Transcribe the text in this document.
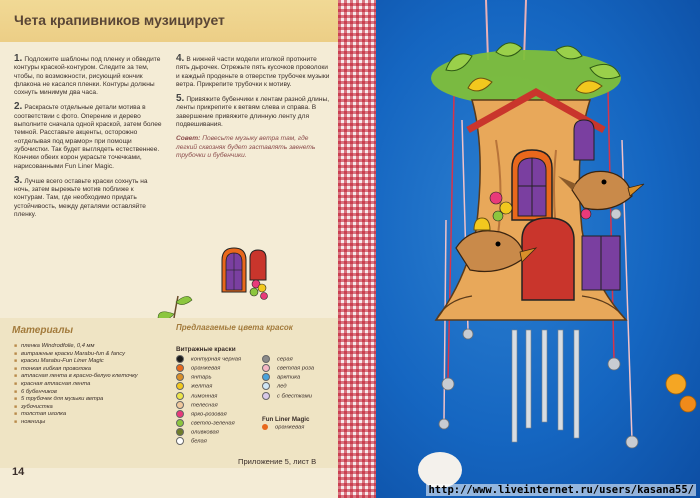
Чета крапивников музицирует

1. Подложите шаблоны под пленку и обведите контуры краской-контуром. Следите за тем, чтобы, по возможности, рисующий кончик флакона не касался пленки. Контуры должны сохнуть минимум два часа.

2. Раскрасьте отдельные детали мотива в соответствии с фото. Оперение и дерево выполните сначала одной краской, затем более темной. Расставьте акценты, осторожно «отделывая под мрамор» при помощи зубочистки. Так будет выглядеть естественнее. Кончики обеих корон украсьте точечками, нарисованными Fun Liner Magic.

3. Лучше всего оставьте краски сохнуть на ночь, затем вырежьте мотив поближе к контурам. Там, где необходимо придать устойчивость, между деталями оставляйте пленку.

4. В нижней части модели иголкой проткните пять дырочек. Отрежьте пять кусочков проволоки и каждый проденьте в отверстие трубочек музыки ветра. Прикрепите трубочки к мотиву.

5. Привяжите бубенчики к лентам разной длины, ленты прикрепите к ветвям слева и справа. В завершение привяжите длинную ленту для подвешивания.

Совет: Повесьте музыку ветра там, где легкий сквозняк будет заставлять звенеть трубочки и бубенчики.

Материалы
■ пленка Windrodfolie, 0,4 мм
■ витражные краски Marabu-fun & fancy
■ краски Marabu-Fun Liner Magic
■ тонкая гибкая проволока
■ атласная лента в красно-белую клеточку
■ красная атласная лента
■ 6 бубенчиков
■ 5 трубочек для музыки ветра
■ зубочистка
■ толстая иголка
■ ножницы
Предлагаемые цвета красок
Витражные краски
контурная черная
оранжевая
янтарь
желтая
лимонная
телесная
ярко-розовая
светло-зеленая
оливковая
белая
серая
светлая роза
арктика
лед
с блестками
Fun Liner Magic
оранжевая
14
Приложение 5, лист В
http://www.liveinternet.ru/users/kasana55/
